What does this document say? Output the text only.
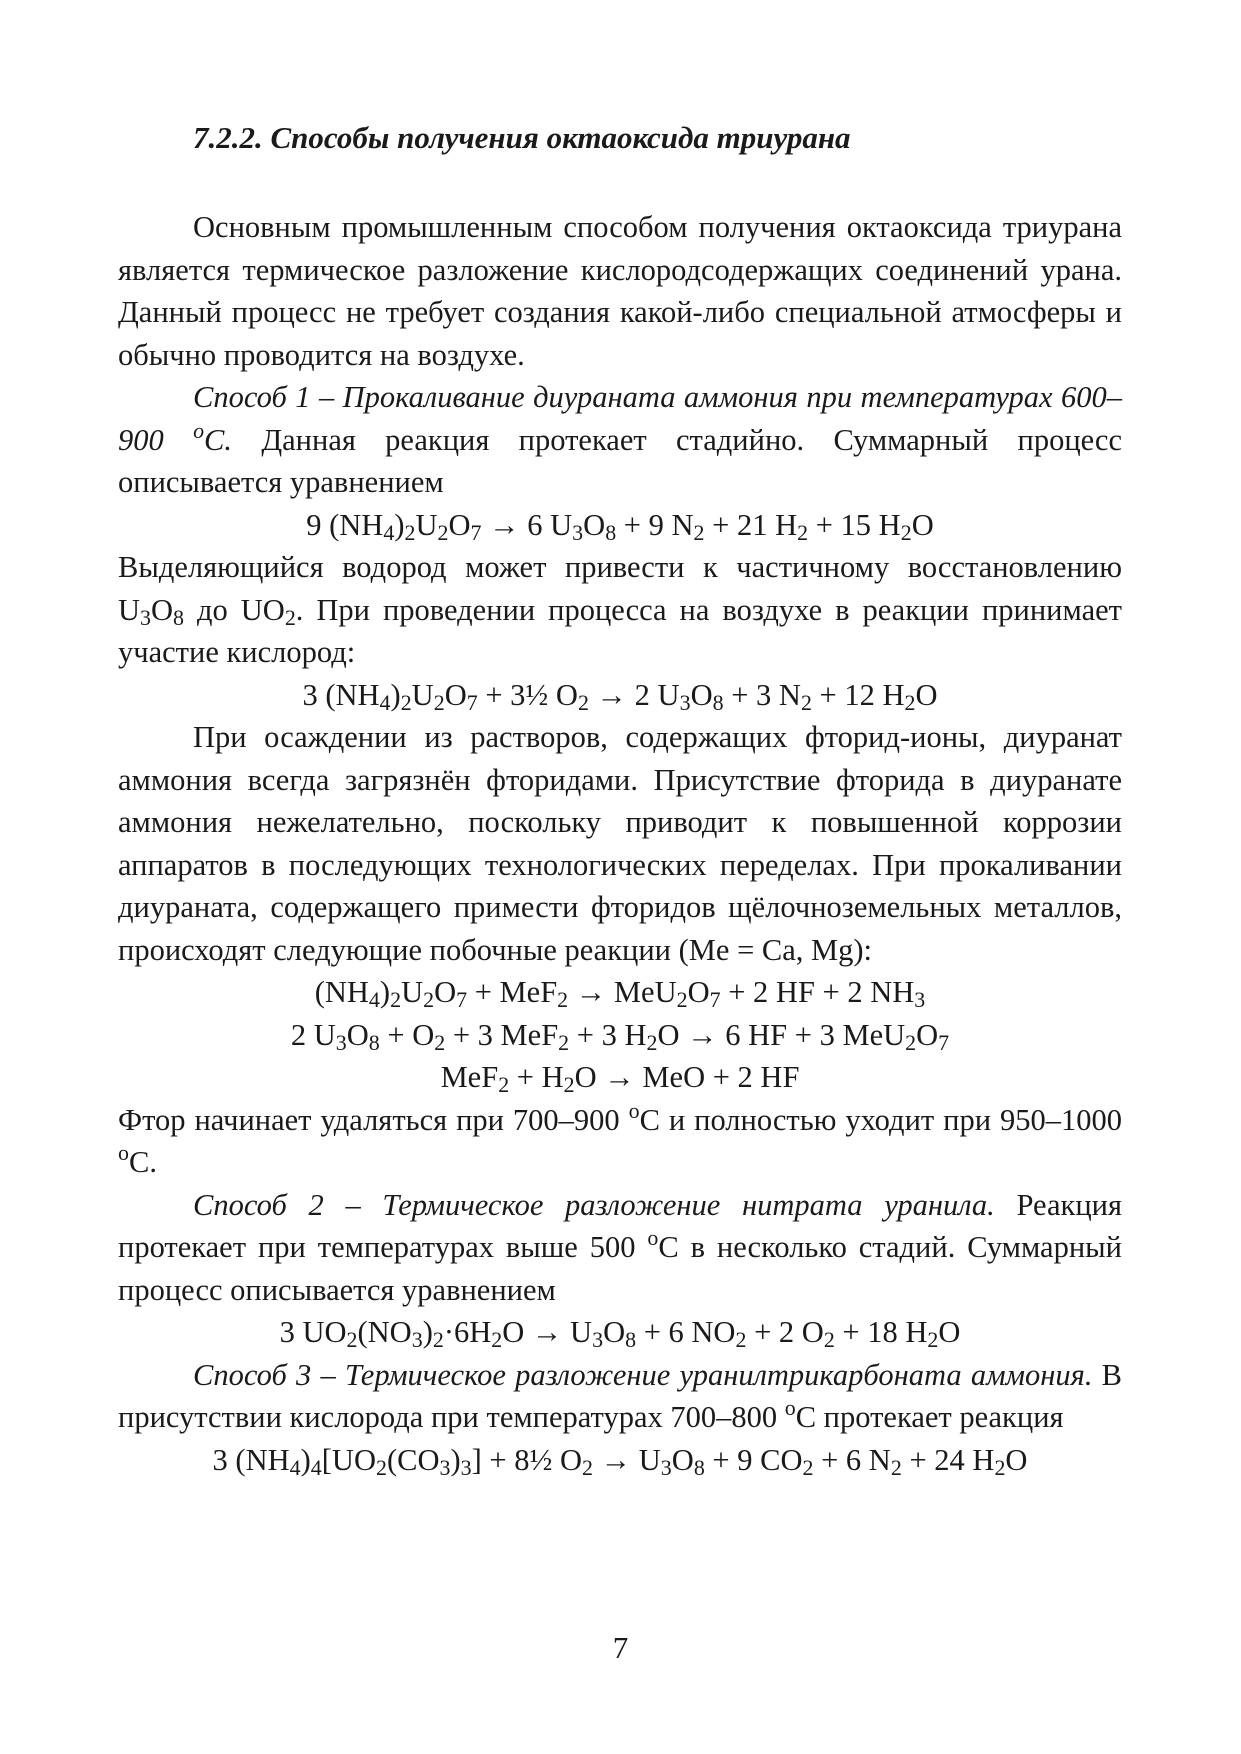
7.2.2. Способы получения октаоксида триурана

Основным промышленным способом получения октаоксида триурана является термическое разложение кислородсодержащих соединений урана. Данный процесс не требует создания какой-либо специальной атмосферы и обычно проводится на воздухе.

Способ 1 – Прокаливание диураната аммония при температурах 600–900 $^o$С. Данная реакция протекает стадийно. Суммарный процесс описывается уравнением

9 $(NH_4)_2U_2O_7 \to 6$ $U_3O_8 + 9$ $N_2 + 21$ $H_2 + 15$ $H_2O$

Выделяющийся водород может привести к частичному восстановлению $U_3O_8$ до $UO_2$. При проведении процесса на воздухе в реакции принимает участие кислород:

3 $(NH_4)_2U_2O_7$ + 3½ $O_2 \to 2$ $U_3O_8 + 3$ $N_2 + 12$ $H_2O$

При осаждении из растворов, содержащих фторид-ионы, диуранат аммония всегда загрязнён фторидами. Присутствие фторида в диуранате аммония нежелательно, поскольку приводит к повышенной коррозии аппаратов в последующих технологических переделах. При прокаливании диураната, содержащего примести фторидов щёлочноземельных металлов, происходят следующие побочные реакции (Me = Ca, Mg):

$(NH_4)_2U_2O_7 + MeF_2 \to MeU_2O_7 + 2$ HF + 2 $NH_3$
2 $U_3O_8 + O_2 + 3$ MeF$_2$ + 3 $H_2O \to 6$ HF + 3 $MeU_2O_7$
$MeF_2 + H_2O$ → MeO + 2 HF

Фтор начинает удаляться при 700–900 $^o$С и полностью уходит при 950–1000 $^o$С.

Способ 2 – Термическое разложение нитрата уранила. Реакция протекает при температурах выше 500 $^o$С в несколько стадий. Суммарный процесс описывается уравнением

3 $UO_2(NO_3)_2\cdot 6H_2O \to U_3O_8 + 6$ $NO_2 + 2$ $O_2 + 18$ $H_2O$

Способ 3 – Термическое разложение уранилтрикарбоната аммония. В присутствии кислорода при температурах 700–800 $^o$С протекает реакция

3 $(NH_4)_4[UO_2(CO_3)_3]$ + 8½ $O_2 \to U_3O_8 + 9$ $CO_2 + 6$ $N_2 + 24$ $H_2O$
7
